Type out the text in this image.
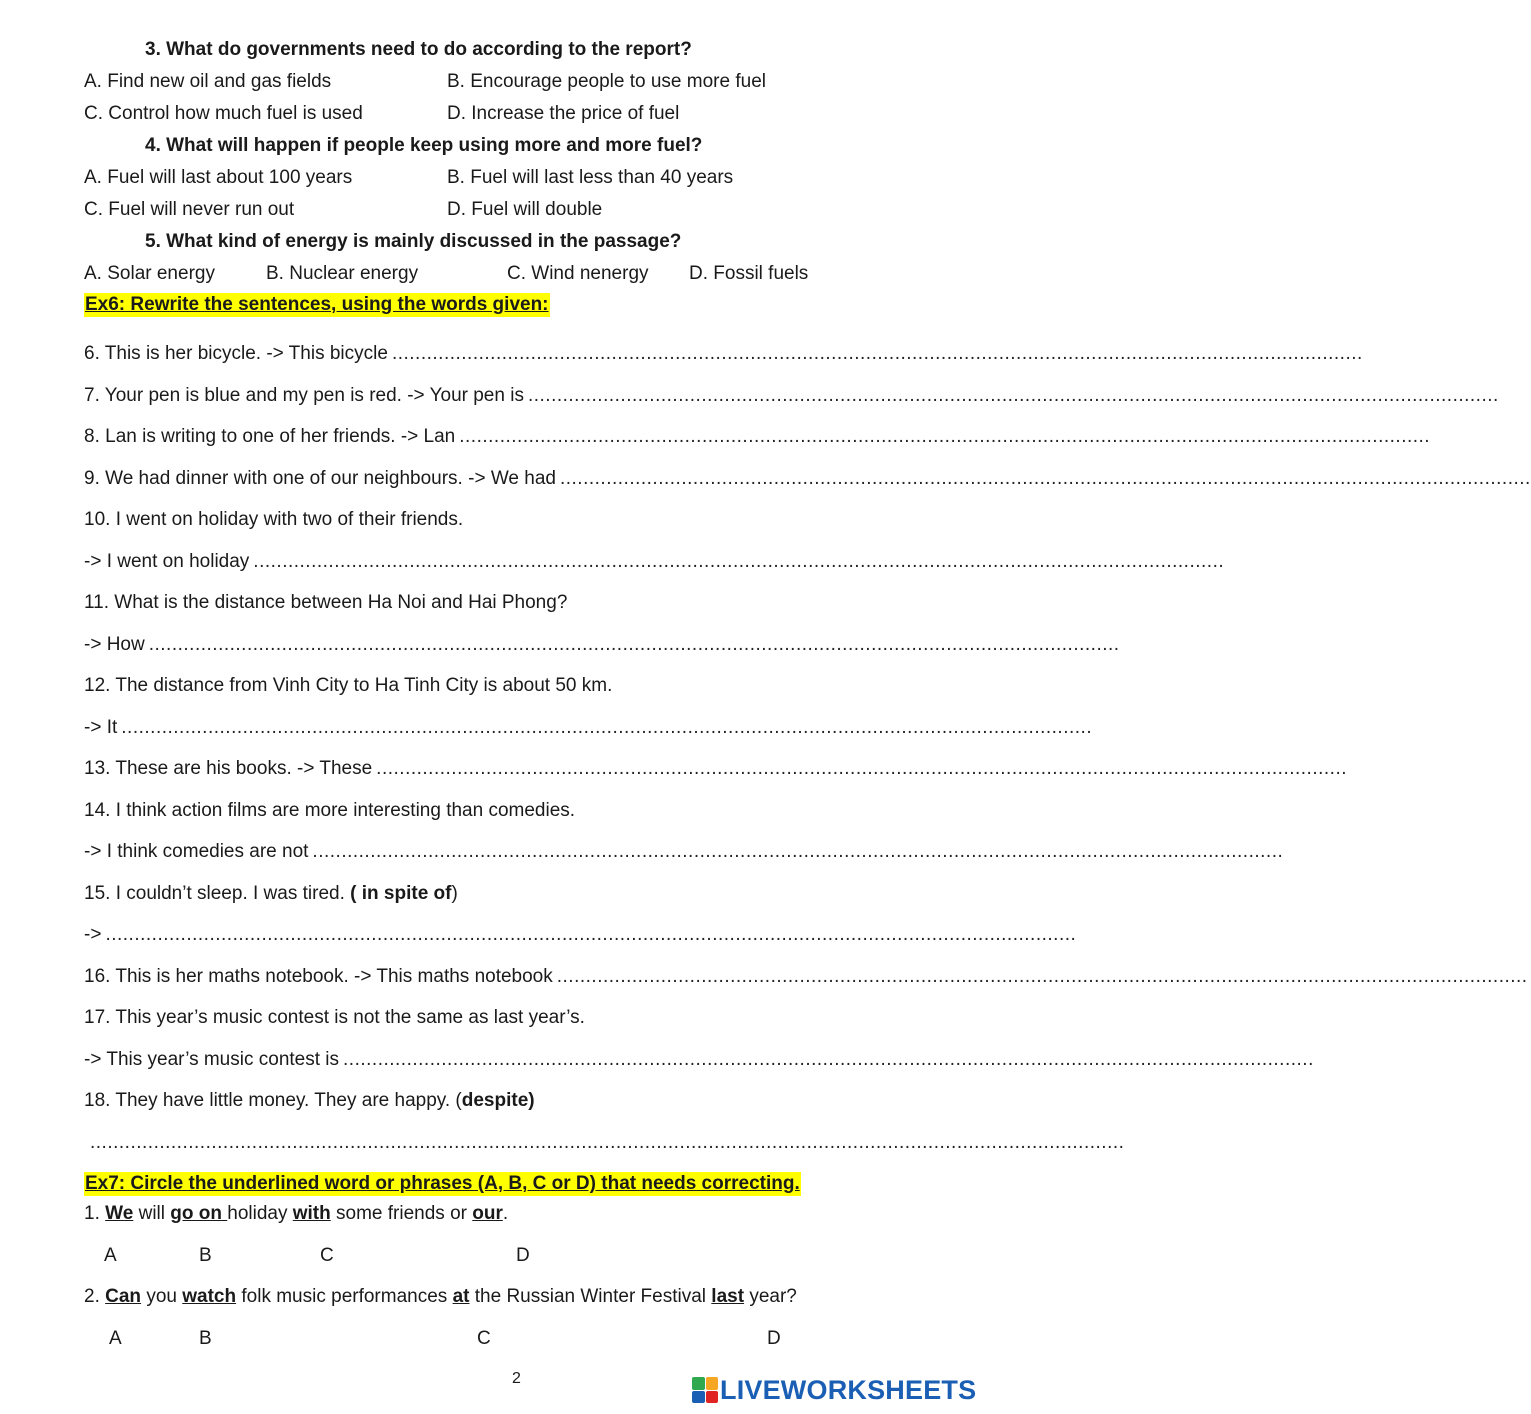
3. What do governments need to do according to the report?
A. Find new oil and gas fields	B. Encourage people to use more fuel
C. Control how much fuel is used	D. Increase the price of fuel
4. What will happen if people keep using more and more fuel?
A. Fuel will last about 100 years	B. Fuel will last less than 40 years
C. Fuel will never run out	D. Fuel will double
5. What kind of energy is mainly discussed in the passage?
A. Solar energy	B. Nuclear energy	C. Wind nenergy D. Fossil fuels
Ex6: Rewrite the sentences, using the words given:
6. This is her bicycle. -> This bicycle ........................................................................................................................................................................
7. Your pen is blue and my pen is red. -> Your pen is ........................................................................................................................................................................
8. Lan is writing to one of her friends. -> Lan ........................................................................................................................................................................
9. We had dinner with one of our neighbours. -> We had ........................................................................................................................................................................
10. I went on holiday with two of their friends.
-> I went on holiday ........................................................................................................................................................................
11. What is the distance between Ha Noi and Hai Phong?
-> How ........................................................................................................................................................................
12. The distance from Vinh City to Ha Tinh City is about 50 km.
-> It ........................................................................................................................................................................
13. These are his books. -> These ........................................................................................................................................................................
14. I think action films are more interesting than comedies.
-> I think comedies are not ........................................................................................................................................................................
15. I couldn’t sleep. I was tired. ( in spite of)
-> ........................................................................................................................................................................
16. This is her maths notebook. -> This maths notebook ........................................................................................................................................................................
17. This year’s music contest is not the same as last year’s.
-> This year’s music contest is ........................................................................................................................................................................
18. They have little money. They are happy. (despite)
...................................................................................................................................................................................
Ex7: Circle the underlined word or phrases (A, B, C or D) that needs correcting.
1. We will go on holiday with some friends or our.
A	B	C	D
2. Can you watch folk music performances at the Russian Winter Festival last year?
A	B	C	D
2	LIVEWORKSHEETS
